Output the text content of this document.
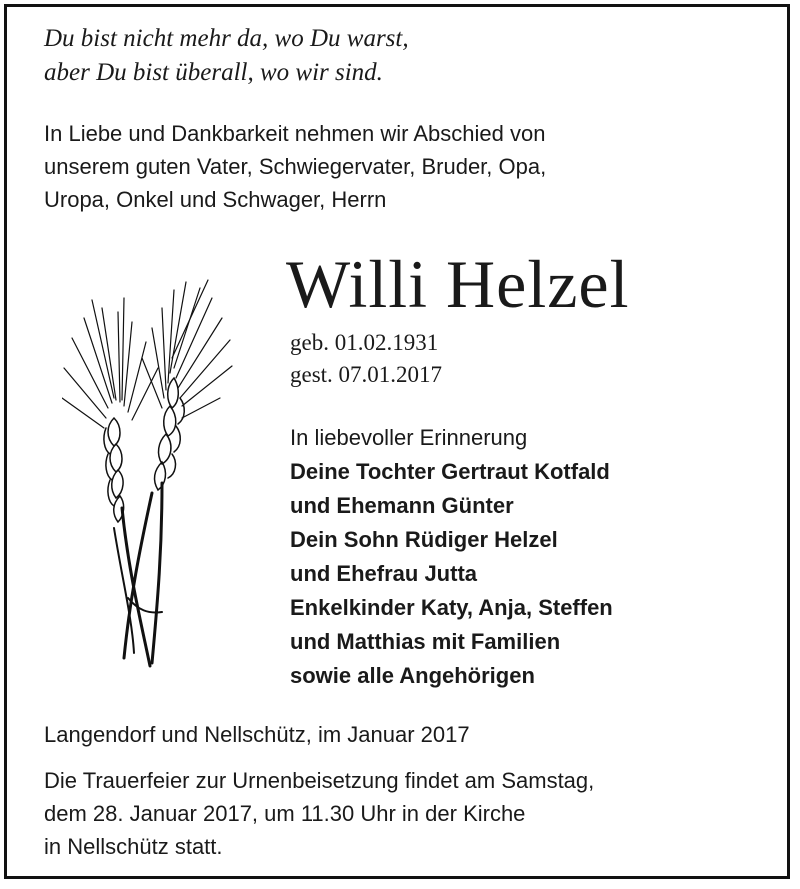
Du bist nicht mehr da, wo Du warst,
aber Du bist überall, wo wir sind.
In Liebe und Dankbarkeit nehmen wir Abschied von
unserem guten Vater, Schwiegervater, Bruder, Opa,
Uropa, Onkel und Schwager, Herrn
Willi Helzel
geb. 01.02.1931
gest. 07.01.2017
In liebevoller Erinnerung
Deine Tochter Gertraut Kotfald
und Ehemann Günter
Dein Sohn Rüdiger Helzel
und Ehefrau Jutta
Enkelkinder Katy, Anja, Steffen
und Matthias mit Familien
sowie alle Angehörigen
Langendorf und Nellschütz, im Januar 2017
Die Trauerfeier zur Urnenbeisetzung findet am Samstag,
dem 28. Januar 2017, um 11.30 Uhr in der Kirche
in Nellschütz statt.
